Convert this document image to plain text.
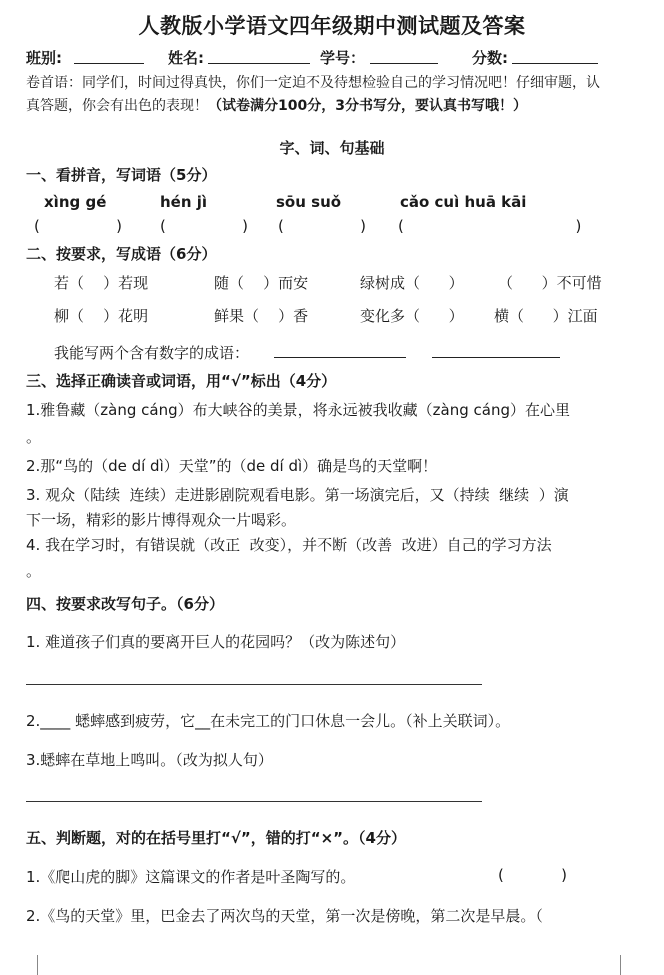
人教版小学语文四年级期中测试题及答案
班别:	姓名:	学号：	分数:
卷首语：同学们，时间过得真快，你们一定迫不及待想检验自己的学习情况吧！仔细审题，认
真答题，你会有出色的表现！（试卷满分100分，3分书写分，要认真书写哦！）
字、词、句基础
一、看拼音，写词语（5分）
xìng gé	hén jì	sōu suǒ	cǎo cuì huā kāi
(                )	(                ) (                ) (                                    )
二、按要求，写成语（6分）
若（    ）若现	随（    ）而安	绿树成（      ） （      ）不可惜
柳（    ）花明	鲜果（    ）香	变化多（      ） 横（      ）江面
我能写两个含有数字的成语：
三、选择正确读音或词语，用“√”标出（4分）
1.雅鲁藏（zàng cáng）布大峡谷的美景，将永远被我收藏（zàng cáng）在心里
。
2.那“鸟的（de dí dì）天堂”的（de dí dì）确是鸟的天堂啊！
3. 观众（陆续  连续）走进影剧院观看电影。第一场演完后，又（持续  继续  ）演
下一场，精彩的影片博得观众一片喝彩。
4. 我在学习时，有错误就（改正  改变），并不断（改善  改进）自己的学习方法
。
四、按要求改写句子。（6分）
1. 难道孩子们真的要离开巨人的花园吗？（改为陈述句）
2.____ 蟋蟀感到疲劳，它__在未完工的门口休息一会儿。（补上关联词）。
3.蟋蟀在草地上鸣叫。（改为拟人句）
五、判断题，对的在括号里打“√”，错的打“×”。（4分）
1.《爬山虎的脚》这篇课文的作者是叶圣陶写的。	(            )
2.《鸟的天堂》里，巴金去了两次鸟的天堂，第一次是傍晚，第二次是早晨。（
